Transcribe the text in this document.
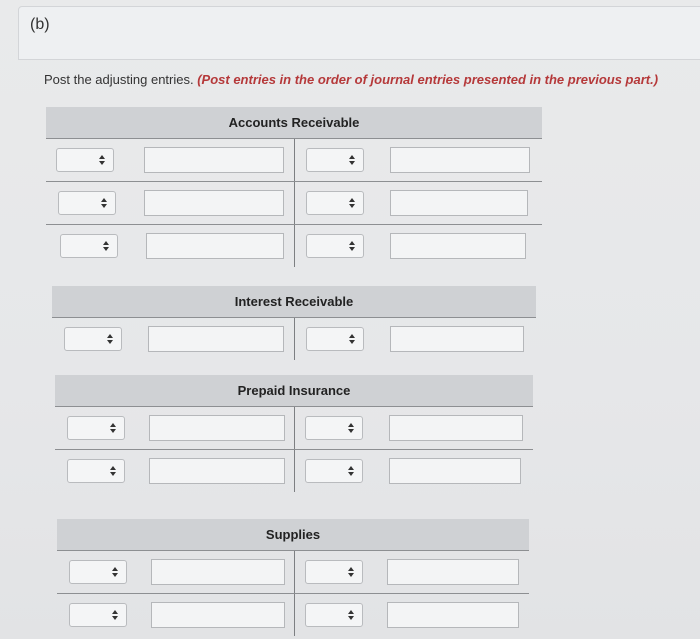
(b)
Post the adjusting entries. (Post entries in the order of journal entries presented in the previous part.)
Accounts Receivable
Interest Receivable
Prepaid Insurance
Supplies
